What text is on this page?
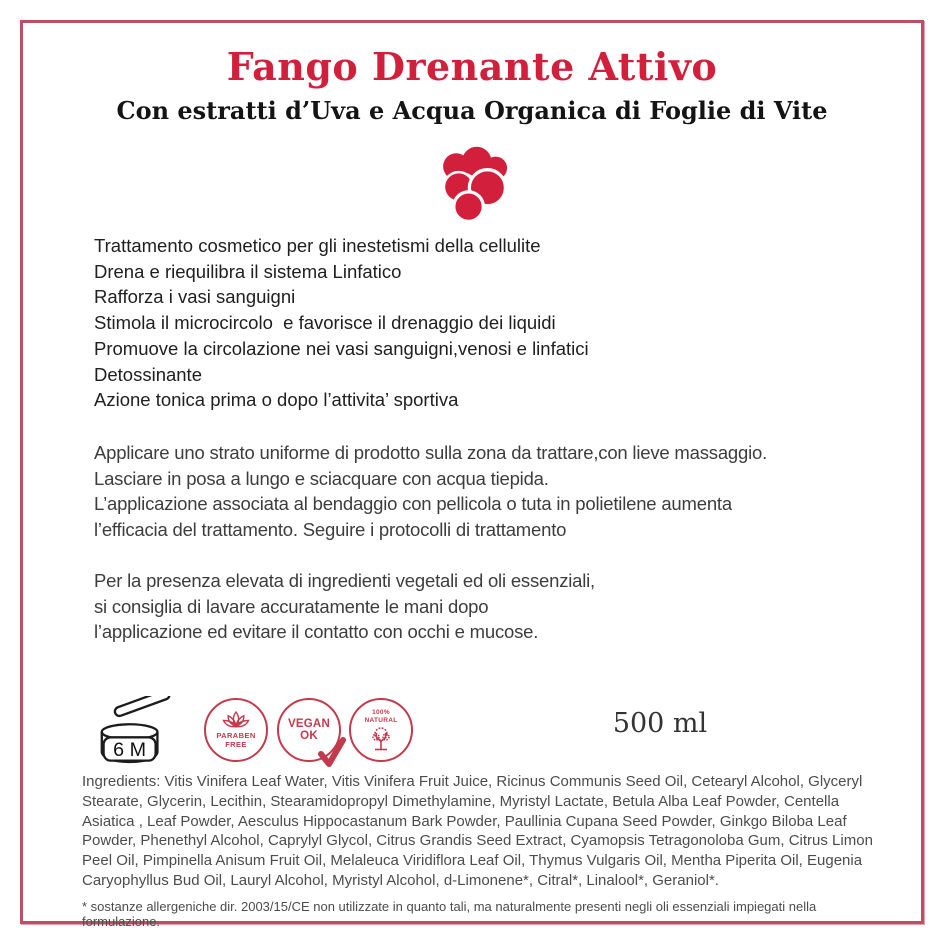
Fango Drenante Attivo
Con estratti d’Uva e Acqua Organica di Foglie di Vite
Trattamento cosmetico per gli inestetismi della cellulite
Drena e riequilibra il sistema Linfatico
Rafforza i vasi sanguigni
Stimola il microcircolo  e favorisce il drenaggio dei liquidi
Promuove la circolazione nei vasi sanguigni,venosi e linfatici
Detossinante
Azione tonica prima o dopo l’attivita’ sportiva
Applicare uno strato uniforme di prodotto sulla zona da trattare,con lieve massaggio.
Lasciare in posa a lungo e sciacquare con acqua tiepida.
L’applicazione associata al bendaggio con pellicola o tuta in polietilene aumenta
l’efficacia del trattamento. Seguire i protocolli di trattamento
Per la presenza elevata di ingredienti vegetali ed oli essenziali,
si consiglia di lavare accuratamente le mani dopo
l’applicazione ed evitare il contatto con occhi e mucose.
6 M
PARABEN
FREE
VEGAN
OK
100%
NATURAL	500 ml
Ingredients: Vitis Vinifera Leaf Water, Vitis Vinifera Fruit Juice, Ricinus Communis Seed Oil, Cetearyl Alcohol, Glyceryl Stearate, Glycerin, Lecithin, Stearamidopropyl Dimethylamine, Myristyl Lactate, Betula Alba Leaf Powder, Centella Asiatica , Leaf Powder, Aesculus Hippocastanum Bark Powder, Paullinia Cupana Seed Powder, Ginkgo Biloba Leaf Powder, Phenethyl Alcohol, Caprylyl Glycol, Citrus Grandis Seed Extract, Cyamopsis Tetragonoloba Gum, Citrus Limon Peel Oil, Pimpinella Anisum Fruit Oil, Melaleuca Viridiflora Leaf Oil, Thymus Vulgaris Oil, Mentha Piperita Oil, Eugenia Caryophyllus Bud Oil, Lauryl Alcohol, Myristyl Alcohol, d-Limonene*, Citral*, Linalool*, Geraniol*.
* sostanze allergeniche dir. 2003/15/CE non utilizzate in quanto tali, ma naturalmente presenti negli oli essenziali impiegati nella formulazione.
